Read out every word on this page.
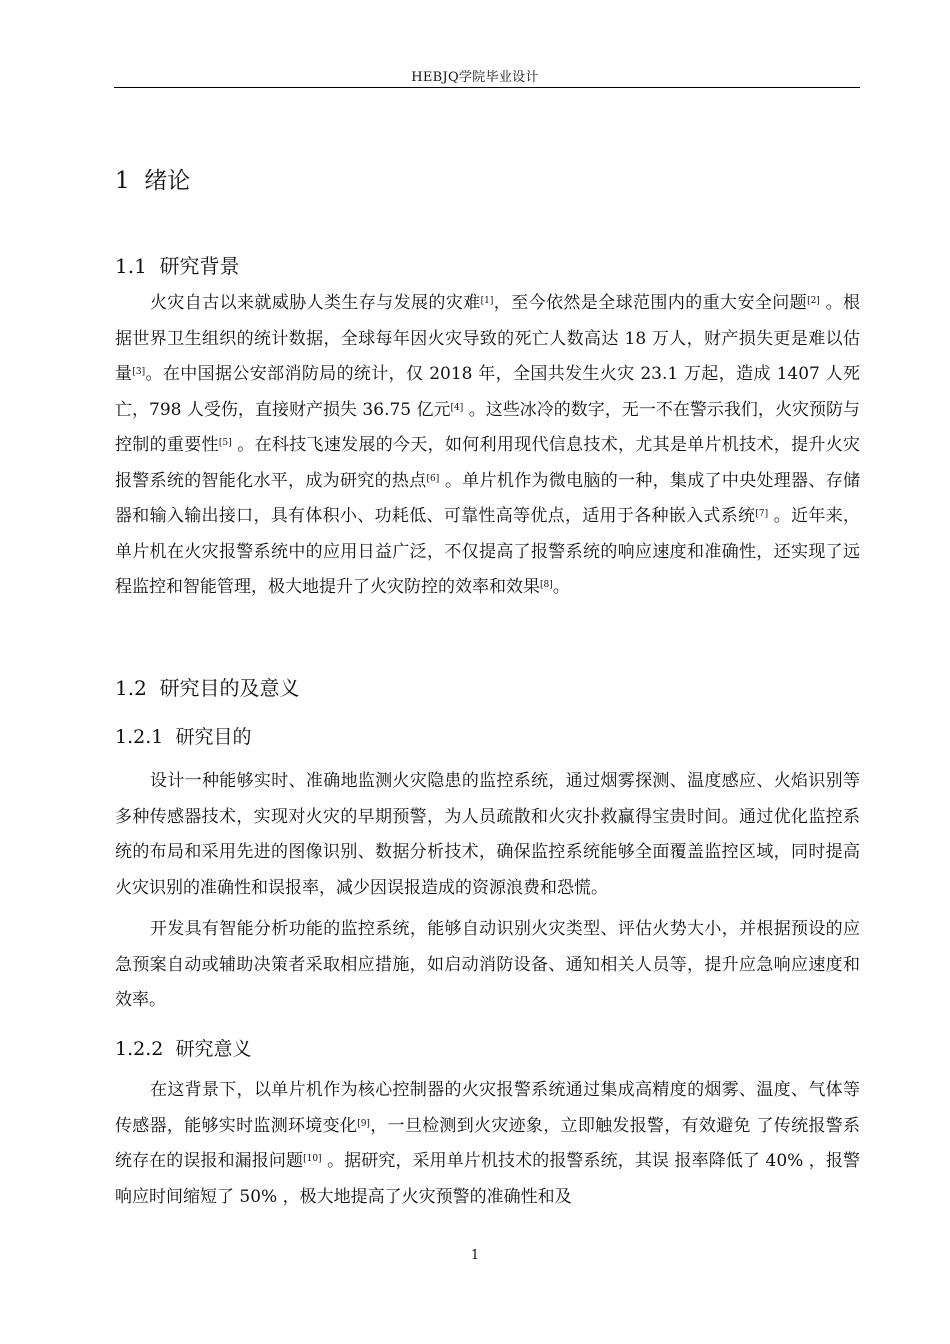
HEBJQ学院毕业设计
1 绪论
1.1 研究背景

火灾自古以来就威胁人类生存与发展的灾难[1]，至今依然是全球范围内的重大安全问题[2] 。根据世界卫生组织的统计数据，全球每年因火灾导致的死亡人数高达 18 万人，财产损失更是难以估量[3]。在中国据公安部消防局的统计，仅 2018 年，全国共发生火灾 23.1 万起，造成 1407 人死亡，798 人受伤，直接财产损失 36.75 亿元[4] 。这些冰冷的数字，无一不在警示我们，火灾预防与控制的重要性[5] 。在科技飞速发展的今天，如何利用现代信息技术，尤其是单片机技术，提升火灾报警系统的智能化水平，成为研究的热点[6] 。单片机作为微电脑的一种，集成了中央处理器、存储器和输入输出接口，具有体积小、功耗低、可靠性高等优点，适用于各种嵌入式系统[7] 。近年来，单片机在火灾报警系统中的应用日益广泛，不仅提高了报警系统的响应速度和准确性，还实现了远程监控和智能管理，极大地提升了火灾防控的效率和效果[8]。

1.2 研究目的及意义
1.2.1 研究目的

设计一种能够实时、准确地监测火灾隐患的监控系统，通过烟雾探测、温度感应、火焰识别等多种传感器技术，实现对火灾的早期预警，为人员疏散和火灾扑救赢得宝贵时间。通过优化监控系统的布局和采用先进的图像识别、数据分析技术，确保监控系统能够全面覆盖监控区域，同时提高火灾识别的准确性和误报率，减少因误报造成的资源浪费和恐慌。

开发具有智能分析功能的监控系统，能够自动识别火灾类型、评估火势大小，并根据预设的应急预案自动或辅助决策者采取相应措施，如启动消防设备、通知相关人员等，提升应急响应速度和效率。

1.2.2 研究意义

在这背景下，以单片机作为核心控制器的火灾报警系统通过集成高精度的烟雾、温度、气体等传感器，能够实时监测环境变化[9]，一旦检测到火灾迹象，立即触发报警，有效避免 了传统报警系统存在的误报和漏报问题[10] 。据研究，采用单片机技术的报警系统，其误 报率降低了 40% ，报警响应时间缩短了 50% ，极大地提高了火灾预警的准确性和及

1
